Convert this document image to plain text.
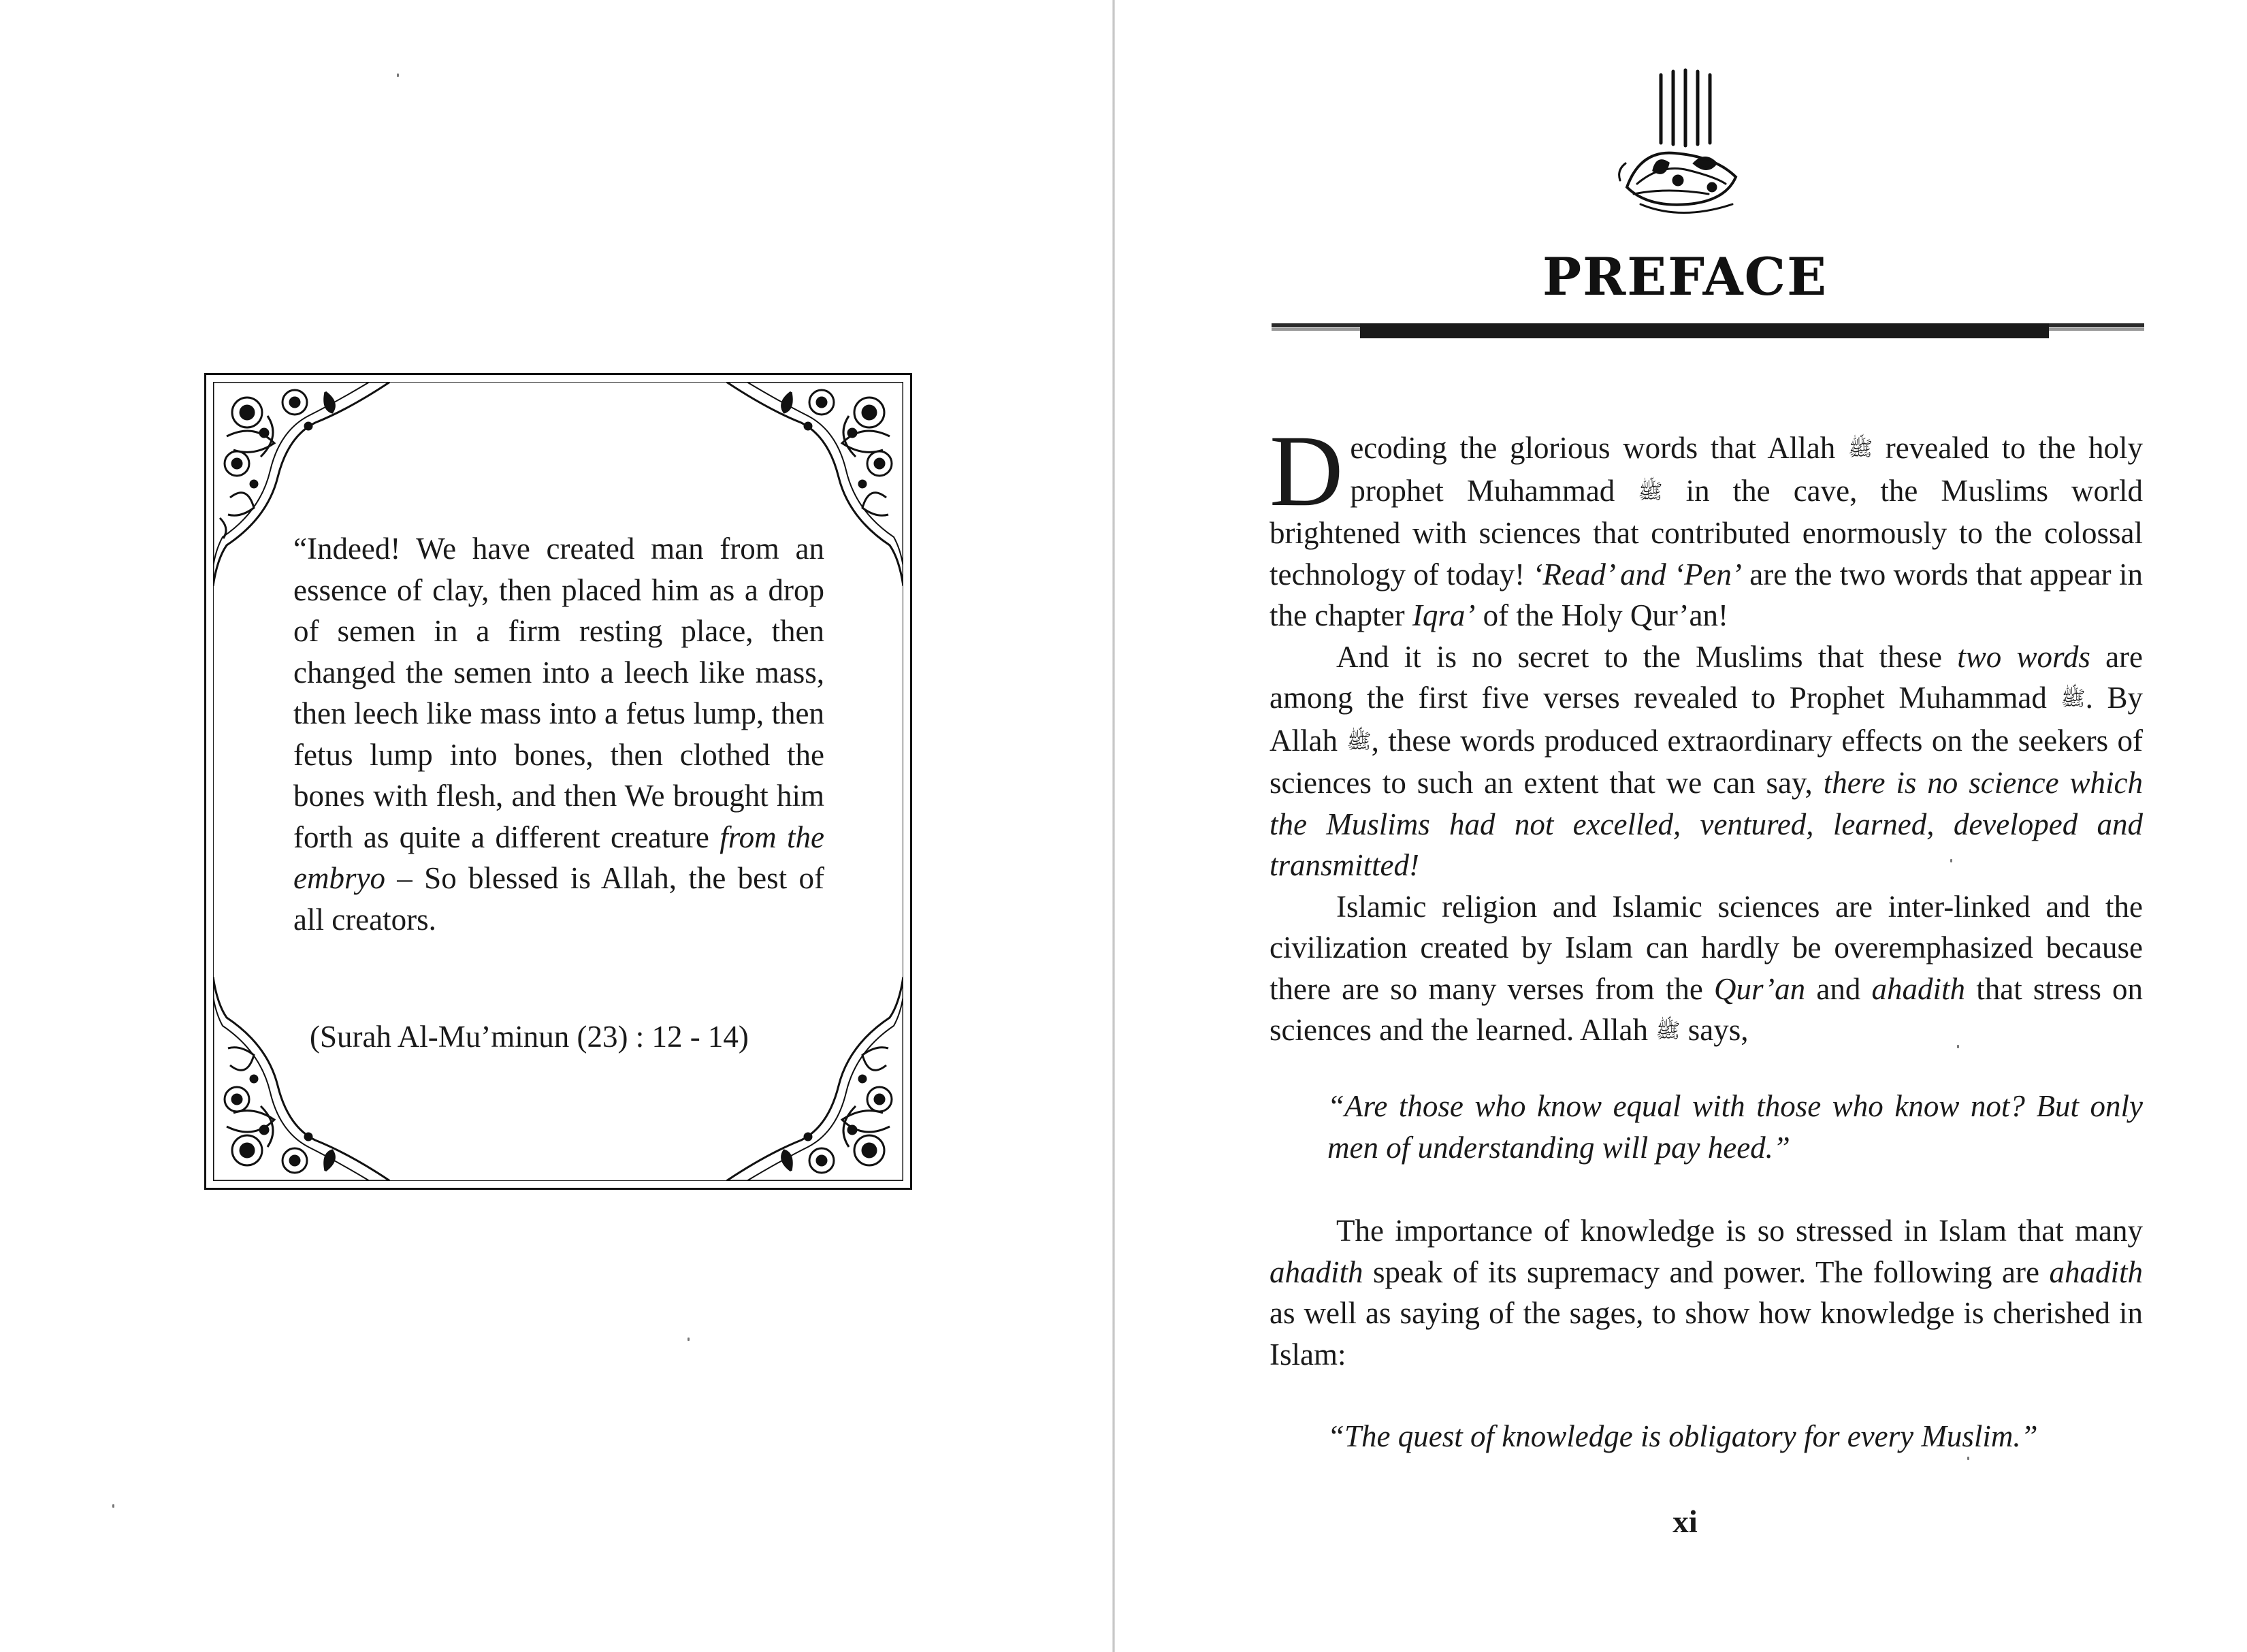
“Indeed! We have created man from an essence of clay, then placed him as a drop of semen in a firm resting place, then changed the semen into a leech like mass, then leech like mass into a fetus lump, then fetus lump into bones, then clothed the bones with flesh, and then We brought him forth as quite a different creature from the embryo – So blessed is Allah, the best of all creators.
(Surah Al-Mu’minun (23) : 12 - 14)
PREFACE

Decoding the glorious words that Allah ﷺ revealed to the holy prophet Muhammad ﷺ in the cave, the Muslims world brightened with sciences that contributed enormously to the colossal technology of today! ‘Read’ and ‘Pen’ are the two words that appear in the chapter Iqra’ of the Holy Qur’an!

And it is no secret to the Muslims that these two words are among the first five verses revealed to Prophet Muhammad ﷺ. By Allah ﷺ, these words produced extraordinary effects on the seekers of sciences to such an extent that we can say, there is no science which the Muslims had not excelled, ventured, learned, developed and transmitted!

Islamic religion and Islamic sciences are inter-linked and the civilization created by Islam can hardly be overemphasized because there are so many verses from the Qur’an and ahadith that stress on sciences and the learned. Allah ﷺ says,

“Are those who know equal with those who know not? But only men of understanding will pay heed.”

The importance of knowledge is so stressed in Islam that many ahadith speak of its supremacy and power. The following are ahadith as well as saying of the sages, to show how knowledge is cherished in Islam:

“The quest of knowledge is obligatory for every Muslim.”
xi
